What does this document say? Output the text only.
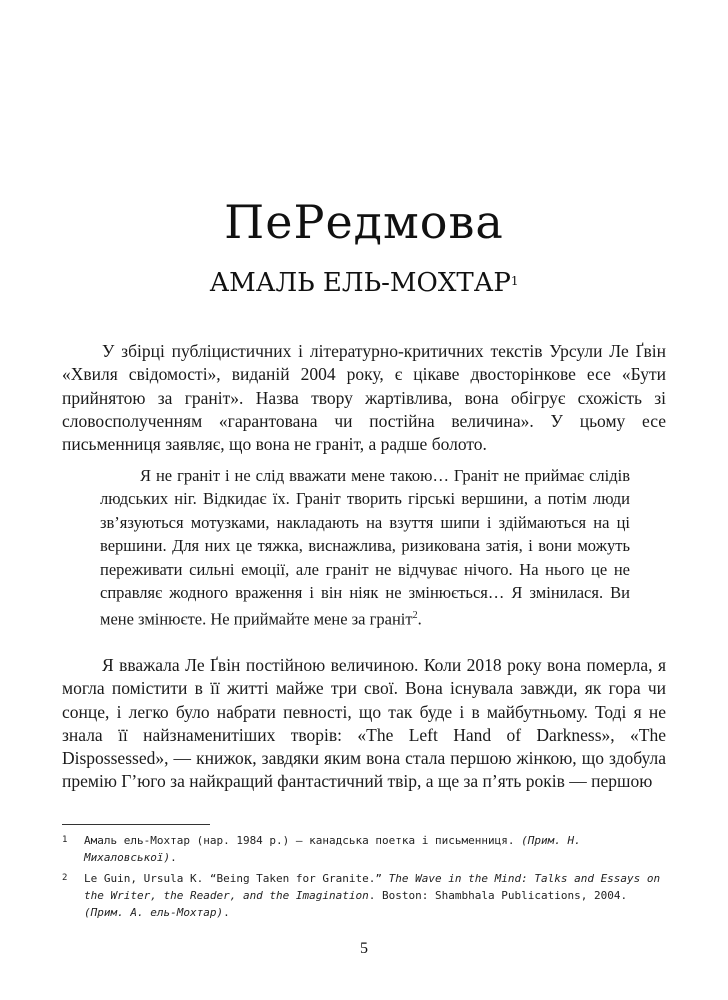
ПеРедмова
АМАЛЬ ЕЛЬ-МОХТАР$^1$

У збірці публіцистичних і літературно-критичних текстів Урсули Ле Ґвін «Хвиля свідомості», виданій 2004 року, є цікаве двосторінкове есе «Бути прийнятою за граніт». Назва твору жартівлива, вона обігрує схожість зі словосполученням «гарантована чи постійна величина». У цьому есе письменниця заявляє, що вона не граніт, а радше болото.

Я не граніт і не слід вважати мене такою… Граніт не приймає слідів людських ніг. Відкидає їх. Граніт творить гірські вершини, а потім люди зв’язуються мотузками, накладають на взуття шипи і здіймаються на ці вершини. Для них це тяжка, виснажлива, ризикована затія, і вони можуть переживати сильні емоції, але граніт не відчуває нічого. На нього це не справляє жодного враження і він ніяк не змінюється… Я змінилася. Ви мене змінюєте. Не приймайте мене за граніт$^2$.

Я вважала Ле Ґвін постійною величиною. Коли 2018 року вона померла, я могла помістити в її житті майже три свої. Вона існувала завжди, як гора чи сонце, і легко було набрати певності, що так буде і в майбутньому. Тоді я не знала її найзнаменитіших творів: «The Left Hand of Darkness», «The Dispossessed», — книжок, завдяки яким вона стала першою жінкою, що здобула премію Г’юго за найкращий фантастичний твір, а ще за п’ять років — першою

1 Амаль ель-Мохтар (нар. 1984 р.) — канадська поетка і письменниця. (Прим. Н. Михаловської).
2 Le Guin, Ursula K. “Being Taken for Granite.” The Wave in the Mind: Talks and Essays on the Writer, the Reader, and the Imagination. Boston: Shambhala Publications, 2004. (Прим. А. ель-Мохтар).
5
